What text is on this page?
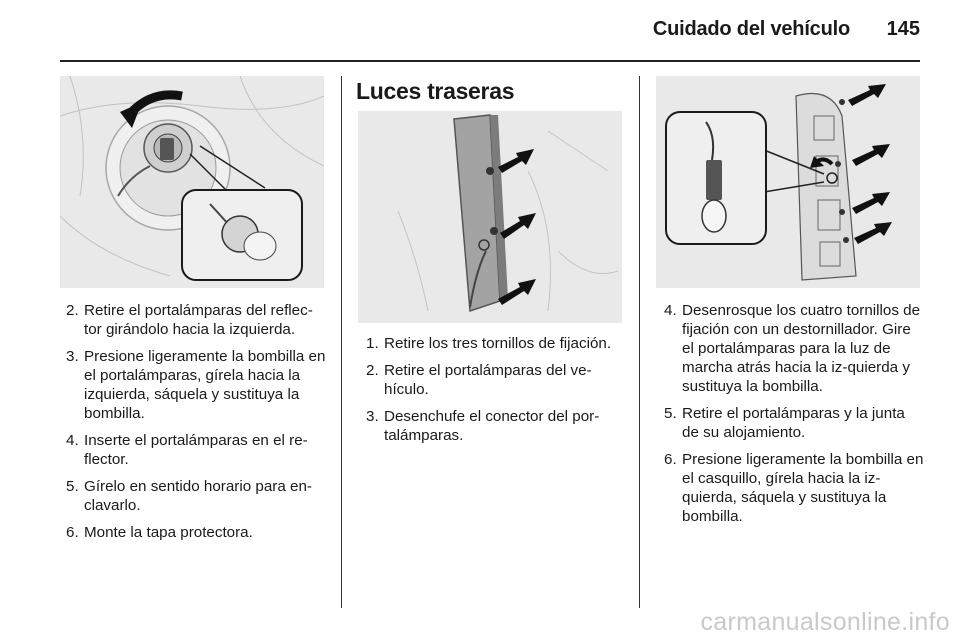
Cuidado del vehículo	145
2. Retire el portalámparas del reflec-tor girándolo hacia la izquierda.
3. Presione ligeramente la bombilla en el portalámparas, gírela hacia la izquierda, sáquela y sustituya la bombilla.
4. Inserte el portalámparas en el re-flector.
5. Gírelo en sentido horario para en-clavarlo.
6. Monte la tapa protectora.
Luces traseras
1. Retire los tres tornillos de fijación.
2. Retire el portalámparas del ve-hículo.
3. Desenchufe el conector del por-talámparas.
4. Desenrosque los cuatro tornillos de fijación con un destornillador. Gire el portalámparas para la luz de marcha atrás hacia la iz-quierda y sustituya la bombilla.
5. Retire el portalámparas y la junta de su alojamiento.
6. Presione ligeramente la bombilla en el casquillo, gírela hacia la iz-quierda, sáquela y sustituya la bombilla.
carmanualsonline.info
